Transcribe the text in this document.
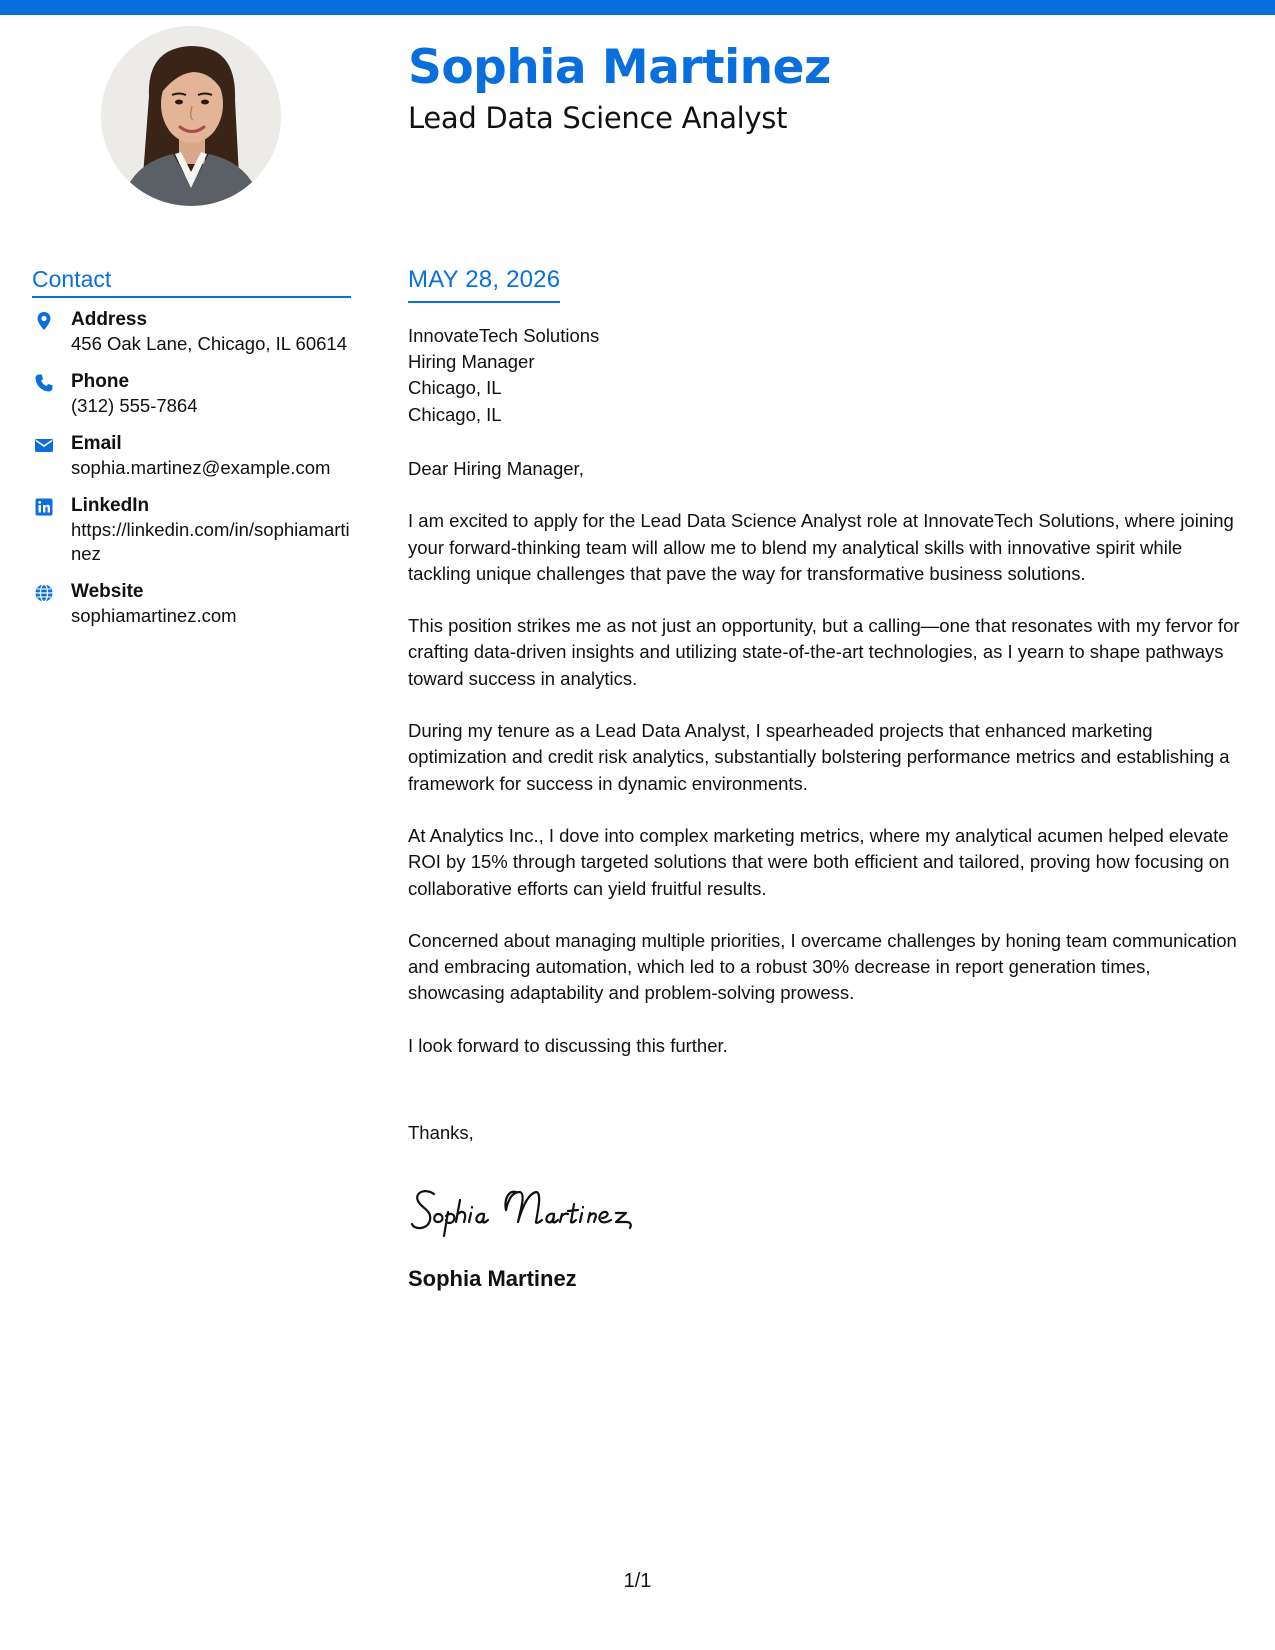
Sophia Martinez
Lead Data Science Analyst
Contact
Address
456 Oak Lane, Chicago, IL 60614
Phone
(312) 555-7864
Email
sophia.martinez@example.com
LinkedIn
https://linkedin.com/in/sophiamartinez
Website
sophiamartinez.com
MAY 28, 2026
InnovateTech Solutions
Hiring Manager
Chicago, IL
Chicago, IL

Dear Hiring Manager,

I am excited to apply for the Lead Data Science Analyst role at InnovateTech Solutions, where joining your forward-thinking team will allow me to blend my analytical skills with innovative spirit while tackling unique challenges that pave the way for transformative business solutions.

This position strikes me as not just an opportunity, but a calling—one that resonates with my fervor for crafting data-driven insights and utilizing state-of-the-art technologies, as I yearn to shape pathways toward success in analytics.

During my tenure as a Lead Data Analyst, I spearheaded projects that enhanced marketing optimization and credit risk analytics, substantially bolstering performance metrics and establishing a framework for success in dynamic environments.

At Analytics Inc., I dove into complex marketing metrics, where my analytical acumen helped elevate ROI by 15% through targeted solutions that were both efficient and tailored, proving how focusing on collaborative efforts can yield fruitful results.

Concerned about managing multiple priorities, I overcame challenges by honing team communication and embracing automation, which led to a robust 30% decrease in report generation times, showcasing adaptability and problem-solving prowess.

I look forward to discussing this further.

Thanks,

Sophia Martinez

1/1
